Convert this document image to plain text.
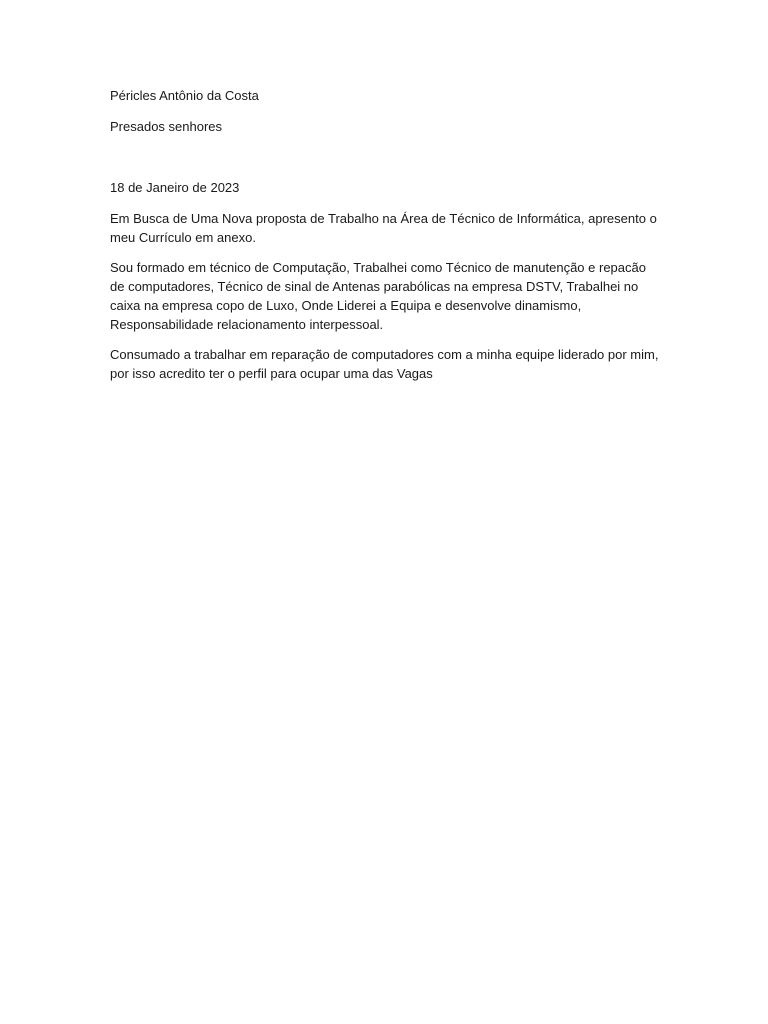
Péricles Antônio da Costa

Presados senhores

18 de Janeiro de 2023

Em Busca de Uma Nova proposta de Trabalho na Área de Técnico de Informática, apresento o meu Currículo em anexo.

Sou formado em técnico de Computação, Trabalhei como Técnico de manutenção e repacão de computadores, Técnico de sinal de Antenas parabólicas na empresa DSTV, Trabalhei no caixa na empresa copo de Luxo, Onde Liderei a Equipa e desenvolve dinamismo, Responsabilidade relacionamento interpessoal.

Consumado a trabalhar em reparação de computadores com a minha equipe liderado por mim, por isso acredito ter o perfil para ocupar uma das Vagas
